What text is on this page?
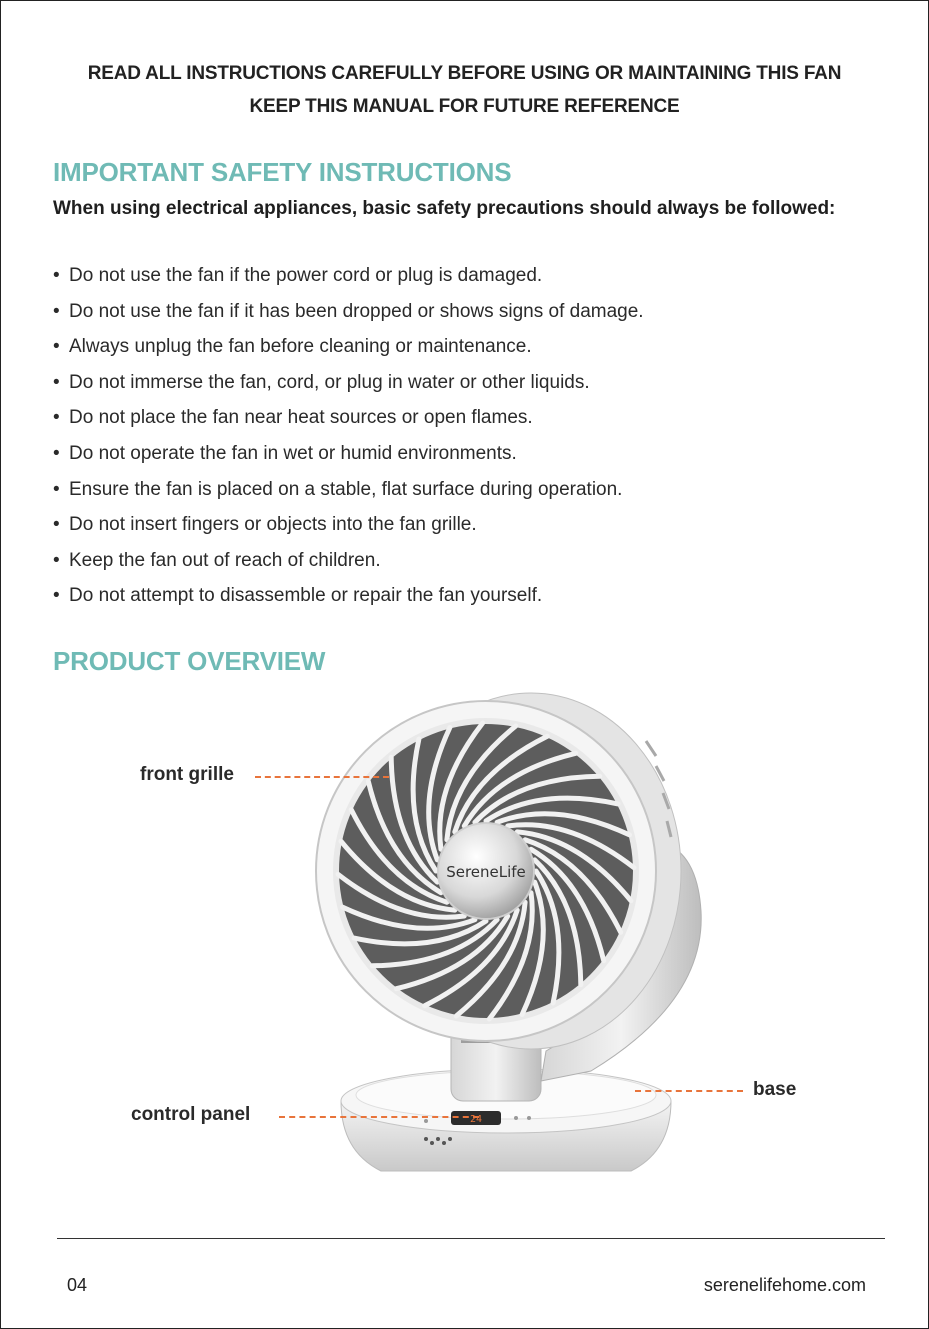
READ ALL INSTRUCTIONS CAREFULLY BEFORE USING OR MAINTAINING THIS FAN
KEEP THIS MANUAL FOR FUTURE REFERENCE
IMPORTANT SAFETY INSTRUCTIONS
When using electrical appliances, basic safety precautions should always be followed:
• Do not use the fan if the power cord or plug is damaged.
• Do not use the fan if it has been dropped or shows signs of damage.
• Always unplug the fan before cleaning or maintenance.
• Do not immerse the fan, cord, or plug in water or other liquids.
• Do not place the fan near heat sources or open flames.
• Do not operate the fan in wet or humid environments.
• Ensure the fan is placed on a stable, flat surface during operation.
• Do not insert fingers or objects into the fan grille.
• Keep the fan out of reach of children.
• Do not attempt to disassemble or repair the fan yourself.
PRODUCT OVERVIEW
24
SereneLife
front grille
base
control panel
04	serenelifehome.com
